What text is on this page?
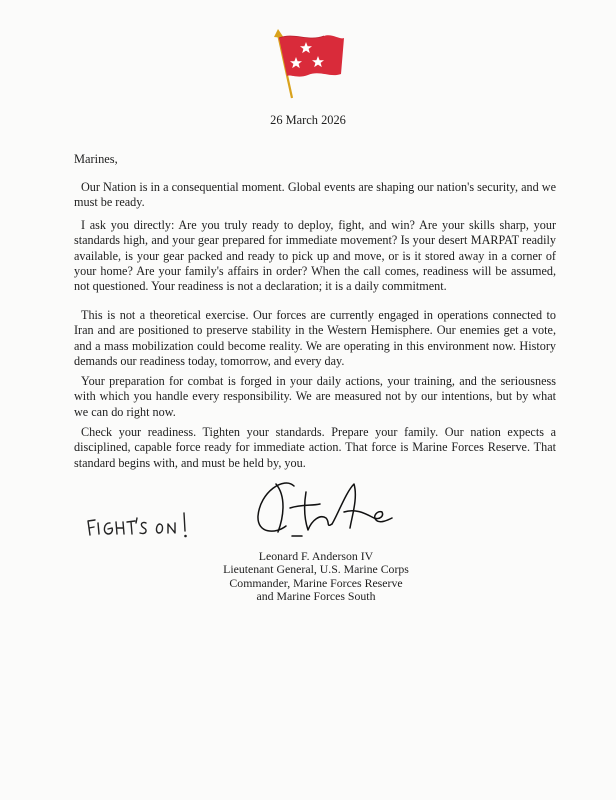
26 March 2026
Marines,

Our Nation is in a consequential moment. Global events are shaping our nation's security, and we must be ready.

I ask you directly: Are you truly ready to deploy, fight, and win? Are your skills sharp, your standards high, and your gear prepared for immediate movement? Is your desert MARPAT readily available, is your gear packed and ready to pick up and move, or is it stored away in a corner of your home? Are your family's affairs in order? When the call comes, readiness will be assumed, not questioned. Your readiness is not a declaration; it is a daily commitment.

This is not a theoretical exercise. Our forces are currently engaged in operations connected to Iran and are positioned to preserve stability in the Western Hemisphere. Our enemies get a vote, and a mass mobilization could become reality. We are operating in this environment now. History demands our readiness today, tomorrow, and every day.

Your preparation for combat is forged in your daily actions, your training, and the seriousness with which you handle every responsibility. We are measured not by our intentions, but by what we can do right now.

Check your readiness. Tighten your standards. Prepare your family. Our nation expects a disciplined, capable force ready for immediate action. That force is Marine Forces Reserve. That standard begins with, and must be held by, you.

Leonard F. Anderson IV
Lieutenant General, U.S. Marine Corps
Commander, Marine Forces Reserve
and Marine Forces South
